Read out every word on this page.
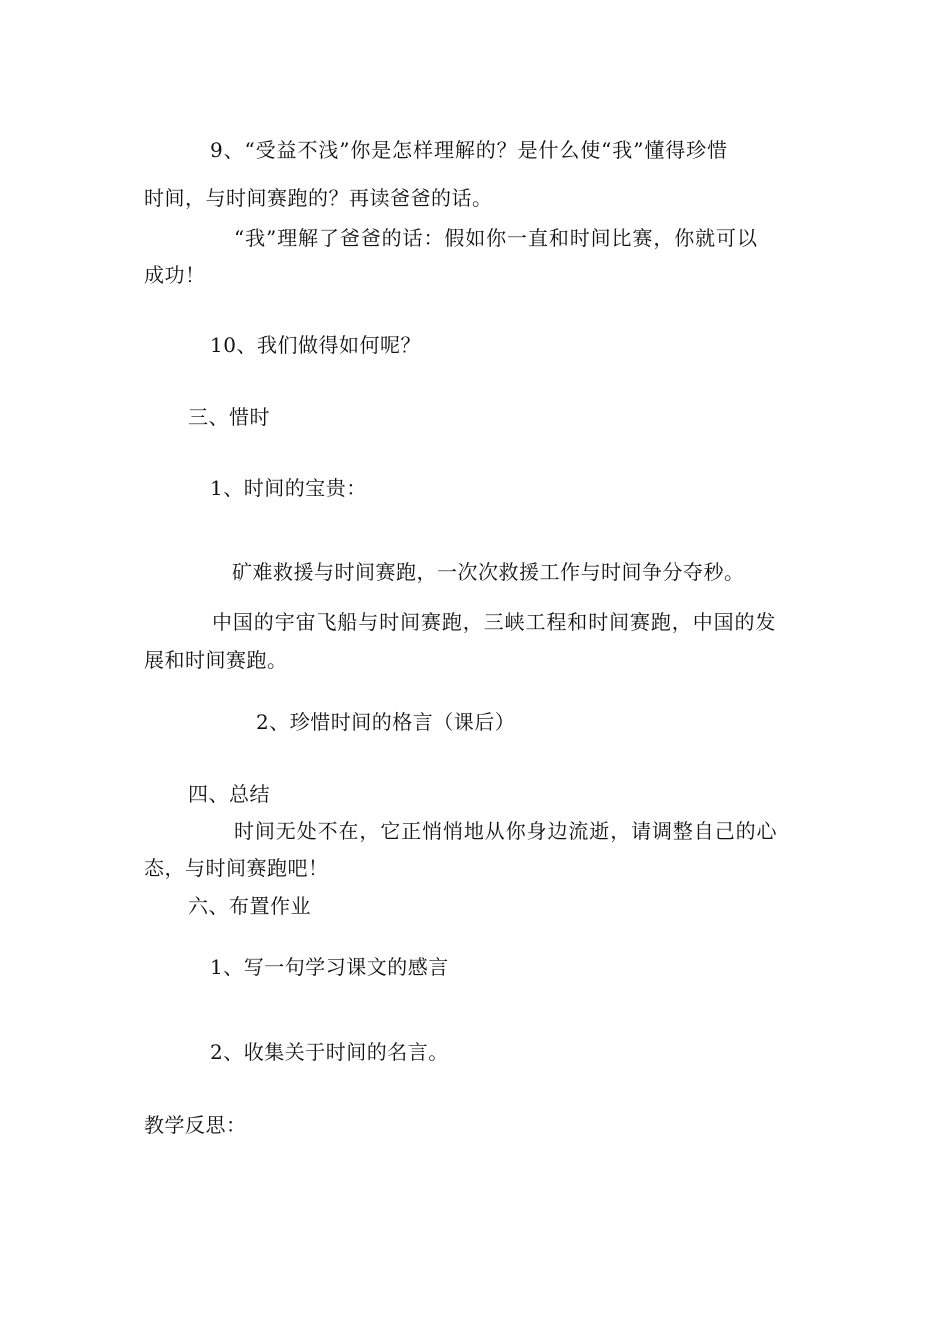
9、“受益不浅”你是怎样理解的？是什么使“我”懂得珍惜
时间，与时间赛跑的？再读爸爸的话。
“我”理解了爸爸的话：假如你一直和时间比赛，你就可以
成功！
10、我们做得如何呢？
三、惜时
1、时间的宝贵：
矿难救援与时间赛跑，一次次救援工作与时间争分夺秒。
中国的宇宙飞船与时间赛跑，三峡工程和时间赛跑，中国的发
展和时间赛跑。
2、珍惜时间的格言（课后）
四、总结
时间无处不在，它正悄悄地从你身边流逝，请调整自己的心
态，与时间赛跑吧！
六、布置作业
1、写一句学习课文的感言
2、收集关于时间的名言。
教学反思：
